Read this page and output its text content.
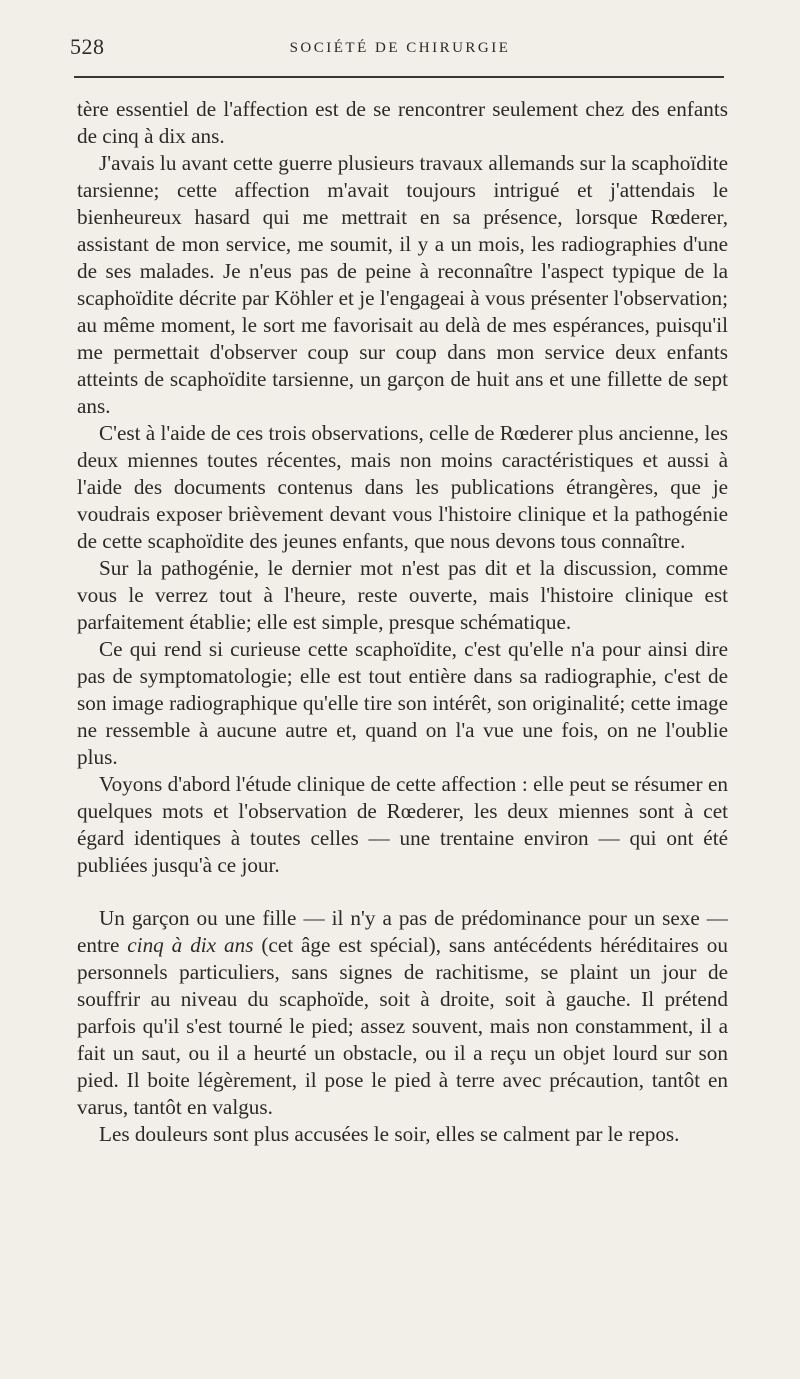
528	SOCIÉTÉ DE CHIRURGIE

tère essentiel de l'affection est de se rencontrer seulement chez des enfants de cinq à dix ans.

J'avais lu avant cette guerre plusieurs travaux allemands sur la scaphoïdite tarsienne; cette affection m'avait toujours intrigué et j'attendais le bienheureux hasard qui me mettrait en sa présence, lorsque Rœderer, assistant de mon service, me soumit, il y a un mois, les radiographies d'une de ses malades. Je n'eus pas de peine à reconnaître l'aspect typique de la scaphoïdite décrite par Köhler et je l'engageai à vous présenter l'observation; au même moment, le sort me favorisait au delà de mes espérances, puisqu'il me permettait d'observer coup sur coup dans mon service deux enfants atteints de scaphoïdite tarsienne, un garçon de huit ans et une fillette de sept ans.

C'est à l'aide de ces trois observations, celle de Rœderer plus ancienne, les deux miennes toutes récentes, mais non moins caractéristiques et aussi à l'aide des documents contenus dans les publications étrangères, que je voudrais exposer brièvement devant vous l'histoire clinique et la pathogénie de cette scaphoïdite des jeunes enfants, que nous devons tous connaître.

Sur la pathogénie, le dernier mot n'est pas dit et la discussion, comme vous le verrez tout à l'heure, reste ouverte, mais l'histoire clinique est parfaitement établie; elle est simple, presque schématique.

Ce qui rend si curieuse cette scaphoïdite, c'est qu'elle n'a pour ainsi dire pas de symptomatologie; elle est tout entière dans sa radiographie, c'est de son image radiographique qu'elle tire son intérêt, son originalité; cette image ne ressemble à aucune autre et, quand on l'a vue une fois, on ne l'oublie plus.

Voyons d'abord l'étude clinique de cette affection : elle peut se résumer en quelques mots et l'observation de Rœderer, les deux miennes sont à cet égard identiques à toutes celles — une trentaine environ — qui ont été publiées jusqu'à ce jour.

Un garçon ou une fille — il n'y a pas de prédominance pour un sexe — entre cinq à dix ans (cet âge est spécial), sans antécédents héréditaires ou personnels particuliers, sans signes de rachitisme, se plaint un jour de souffrir au niveau du scaphoïde, soit à droite, soit à gauche. Il prétend parfois qu'il s'est tourné le pied; assez souvent, mais non constamment, il a fait un saut, ou il a heurté un obstacle, ou il a reçu un objet lourd sur son pied. Il boite légèrement, il pose le pied à terre avec précaution, tantôt en varus, tantôt en valgus.

Les douleurs sont plus accusées le soir, elles se calment par le repos.
